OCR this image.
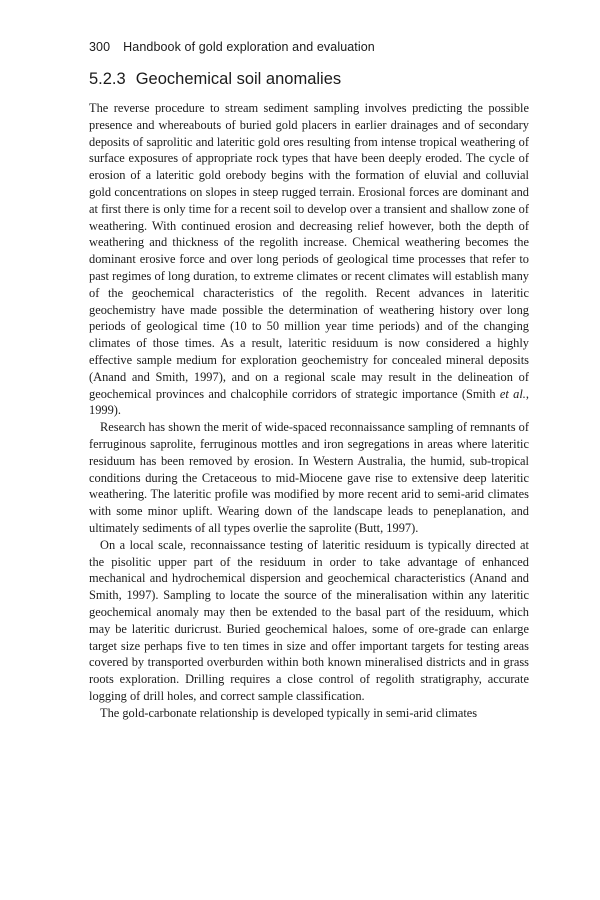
300 Handbook of gold exploration and evaluation
5.2.3 Geochemical soil anomalies

The reverse procedure to stream sediment sampling involves predicting the possible presence and whereabouts of buried gold placers in earlier drainages and of secondary deposits of saprolitic and lateritic gold ores resulting from intense tropical weathering of surface exposures of appropriate rock types that have been deeply eroded. The cycle of erosion of a lateritic gold orebody begins with the formation of eluvial and colluvial gold concentrations on slopes in steep rugged terrain. Erosional forces are dominant and at first there is only time for a recent soil to develop over a transient and shallow zone of weathering. With continued erosion and decreasing relief however, both the depth of weathering and thickness of the regolith increase. Chemical weathering becomes the dominant erosive force and over long periods of geological time processes that refer to past regimes of long duration, to extreme climates or recent climates will establish many of the geochemical characteristics of the regolith. Recent advances in lateritic geochemistry have made possible the determination of weathering history over long periods of geological time (10 to 50 million year time periods) and of the changing climates of those times. As a result, lateritic residuum is now considered a highly effective sample medium for exploration geochemistry for concealed mineral deposits (Anand and Smith, 1997), and on a regional scale may result in the delineation of geochemical provinces and chalcophile corridors of strategic importance (Smith et al., 1999).

Research has shown the merit of wide-spaced reconnaissance sampling of remnants of ferruginous saprolite, ferruginous mottles and iron segregations in areas where lateritic residuum has been removed by erosion. In Western Australia, the humid, sub-tropical conditions during the Cretaceous to mid-Miocene gave rise to extensive deep lateritic weathering. The lateritic profile was modified by more recent arid to semi-arid climates with some minor uplift. Wearing down of the landscape leads to peneplanation, and ultimately sediments of all types overlie the saprolite (Butt, 1997).

On a local scale, reconnaissance testing of lateritic residuum is typically directed at the pisolitic upper part of the residuum in order to take advantage of enhanced mechanical and hydrochemical dispersion and geochemical characteristics (Anand and Smith, 1997). Sampling to locate the source of the mineralisation within any lateritic geochemical anomaly may then be extended to the basal part of the residuum, which may be lateritic duricrust. Buried geochemical haloes, some of ore-grade can enlarge target size perhaps five to ten times in size and offer important targets for testing areas covered by transported overburden within both known mineralised districts and in grass roots exploration. Drilling requires a close control of regolith stratigraphy, accurate logging of drill holes, and correct sample classification.

The gold-carbonate relationship is developed typically in semi-arid climates
